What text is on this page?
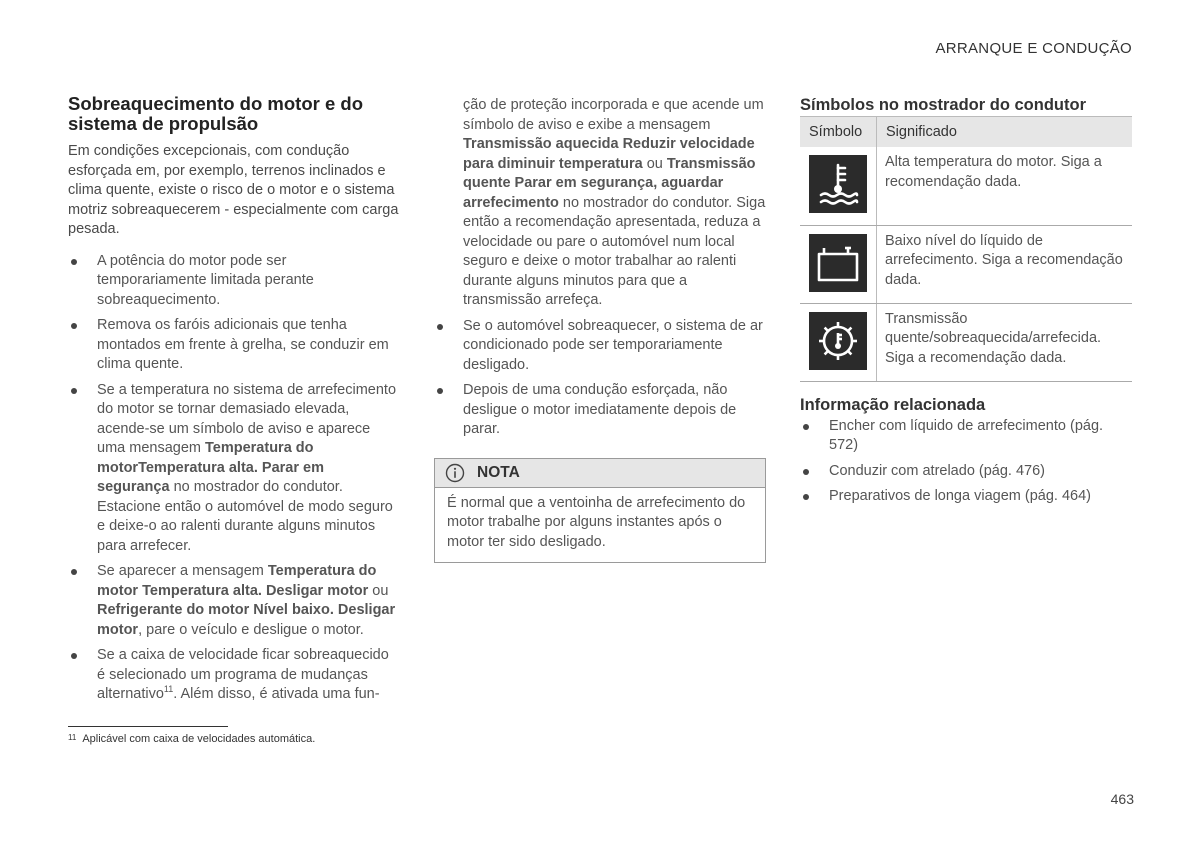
ARRANQUE E CONDUÇÃO
Sobreaquecimento do motor e do sistema de propulsão

Em condições excepcionais, com condução esforçada em, por exemplo, terrenos inclinados e clima quente, existe o risco de o motor e o sistema motriz sobreaquecerem - especialmente com carga pesada.

A potência do motor pode ser temporariamente limitada perante sobreaquecimento.
Remova os faróis adicionais que tenha montados em frente à grelha, se conduzir em clima quente.
Se a temperatura no sistema de arrefecimento do motor se tornar demasiado elevada, acende-se um símbolo de aviso e aparece uma mensagem Temperatura do motorTemperatura alta. Parar em segurança no mostrador do condutor. Estacione então o automóvel de modo seguro e deixe-o ao ralenti durante alguns minutos para arrefecer.
Se aparecer a mensagem Temperatura do motor Temperatura alta. Desligar motor ou Refrigerante do motor Nível baixo. Desligar motor, pare o veículo e desligue o motor.
Se a caixa de velocidade ficar sobreaquecido é selecionado um programa de mudanças alternativo$^{11}$. Além disso, é ativada uma fun-
ção de proteção incorporada e que acende um símbolo de aviso e exibe a mensagem Transmissão aquecida Reduzir velocidade para diminuir temperatura ou Transmissão quente Parar em segurança, aguardar arrefecimento no mostrador do condutor. Siga então a recomendação apresentada, reduza a velocidade ou pare o automóvel num local seguro e deixe o motor trabalhar ao ralenti durante alguns minutos para que a transmissão arrefeça.
Se o automóvel sobreaquecer, o sistema de ar condicionado pode ser temporariamente desligado.
Depois de uma condução esforçada, não desligue o motor imediatamente depois de parar.
NOTA
É normal que a ventoinha de arrefecimento do motor trabalhe por alguns instantes após o motor ter sido desligado.
Símbolos no mostrador do condutor
Símbolo	Significado

	Alta temperatura do motor. Siga a recomendação dada.

	Baixo nível do líquido de arrefecimento. Siga a recomendação dada.

	Transmissão quente/sobreaquecida/arrefecida. Siga a recomendação dada.
Informação relacionada
Encher com líquido de arrefecimento (pág. 572)
Conduzir com atrelado (pág. 476)
Preparativos de longa viagem (pág. 464)
$^{11}$ Aplicável com caixa de velocidades automática.
463
